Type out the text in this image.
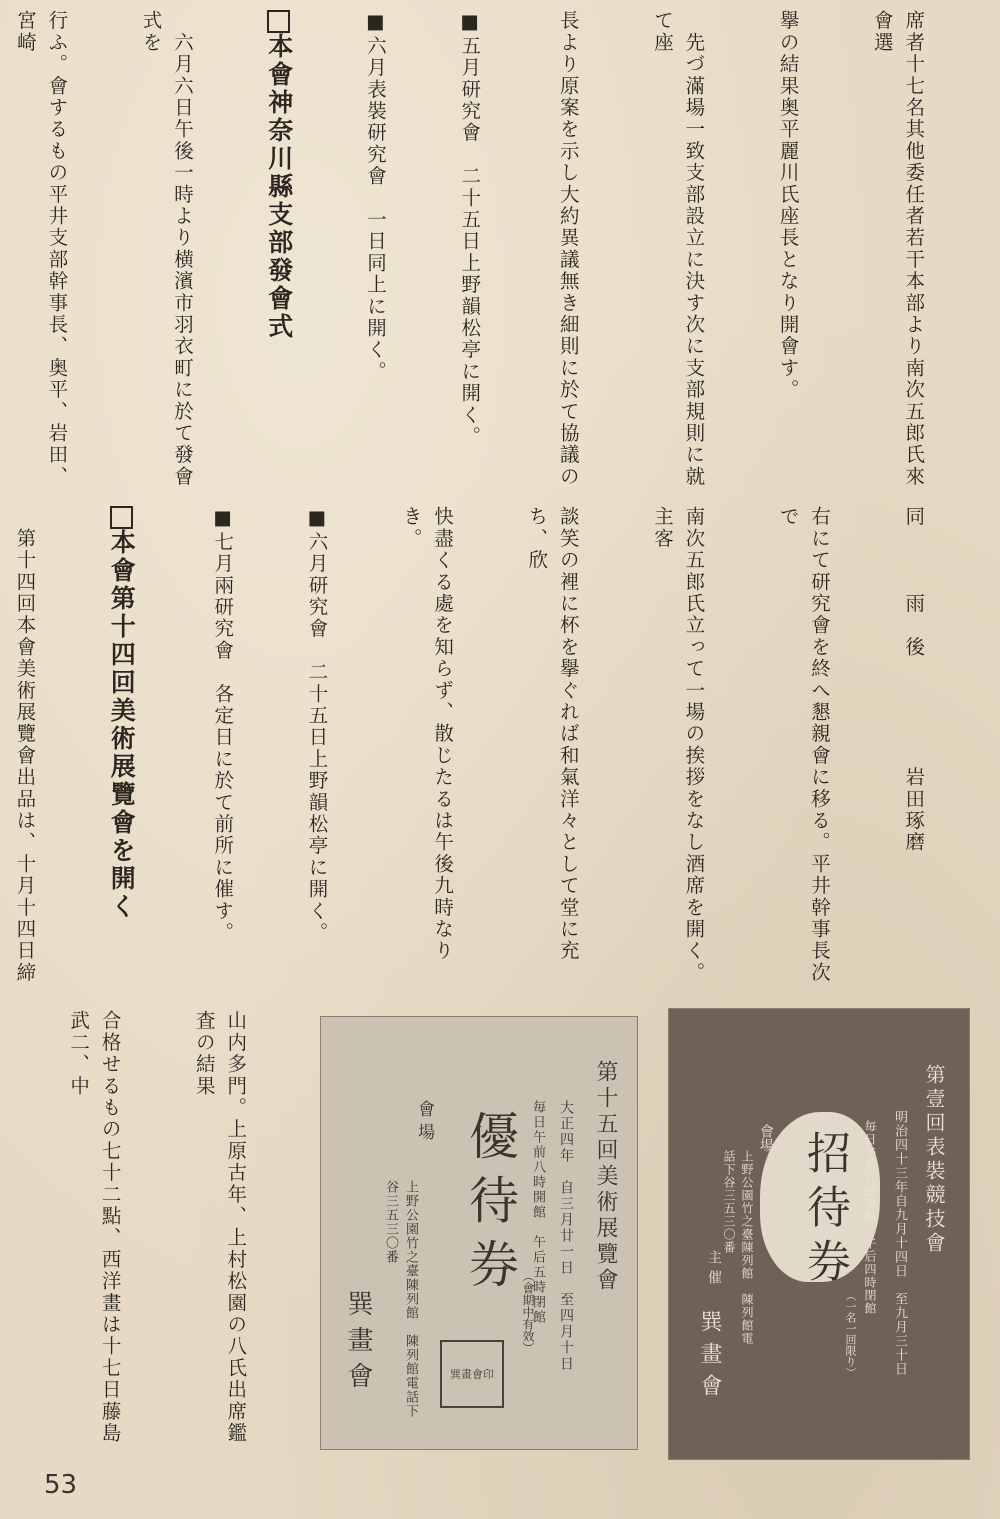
席者十七名其他委任者若干本部より南次五郎氏來會選

擧の結果奥平麗川氏座長となり開會す。

　先づ滿場一致支部設立に決す次に支部規則に就て座

長より原案を示し大約異議無き細則に於て協議の

■五月研究會　二十五日上野韻松亭に開く。

■六月表裝研究會　一日同上に開く。

本會神奈川縣支部發會式

　六月六日午後一時より横濱市羽衣町に於て發會式を

行ふ。會するもの平井支部幹事長、奥平、岩田、宮崎

同　　　雨　後　　　　　岩田琢磨

右にて研究會を終へ懇親會に移る。平井幹事長次で

南次五郎氏立って一場の挨拶をなし酒席を開く。主客

談笑の裡に杯を擧ぐれば和氣洋々として堂に充ち、欣

快盡くる處を知らず、散じたるは午後九時なりき。

■六月研究會　二十五日上野韻松亭に開く。

■七月兩研究會　各定日に於て前所に催す。

本會第十四回美術展覽會を開く

　第十四回本會美術展覽會出品は、十月十四日締

山内多門。上原古年、上村松園の八氏出席鑑査の結果

合格せるもの七十二點、西洋畫は十七日藤島武二、中

第十五回美術展覽會
大正四年　自三月廿一日　至四月十日
毎日午前八時開館　午后五時閉館
優待券
（會期中有效）
會場
上野公園竹之臺陳列館　陳列館電話下谷三五三〇番
巽畫會	巽畫會印
第壹回表裝競技會
明治四十三年自九月十四日　至九月三十日
毎日午前九時開館　午后四時閉館
招待券
（一名一回限り）
會場
上野公園竹之臺陳列館　陳列館電話下谷三五三〇番
主催
巽畫會
53
